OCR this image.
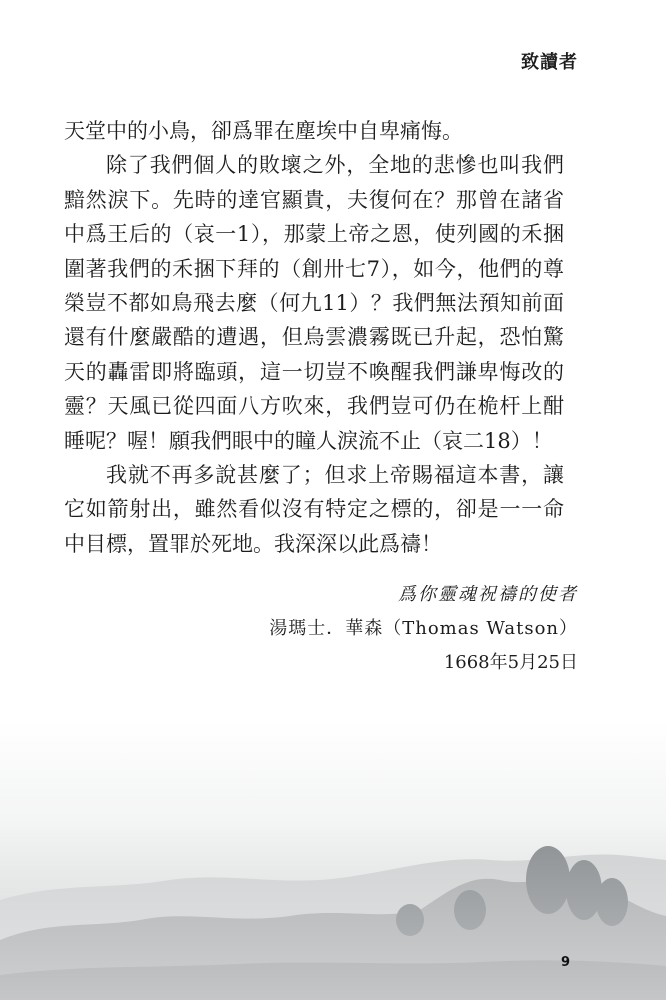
致讀者

天堂中的小鳥，卻爲罪在塵埃中自卑痛悔。

除了我們個人的敗壞之外，全地的悲慘也叫我們黯然淚下。先時的達官顯貴，夫復何在？那曾在諸省中爲王后的（哀一1），那蒙上帝之恩，使列國的禾捆圍著我們的禾捆下拜的（創卅七7），如今，他們的尊榮豈不都如鳥飛去麼（何九11）？我們無法預知前面還有什麼嚴酷的遭遇，但烏雲濃霧既已升起，恐怕驚天的轟雷即將臨頭，這一切豈不喚醒我們謙卑悔改的靈？天風已從四面八方吹來，我們豈可仍在桅杆上酣睡呢？喔！願我們眼中的瞳人淚流不止（哀二18）！

我就不再多說甚麼了；但求上帝賜福這本書，讓它如箭射出，雖然看似沒有特定之標的，卻是一一命中目標，置罪於死地。我深深以此爲禱！

爲你靈魂祝禱的使者
湯瑪士．華森（Thomas Watson）
1668年5月25日
9
